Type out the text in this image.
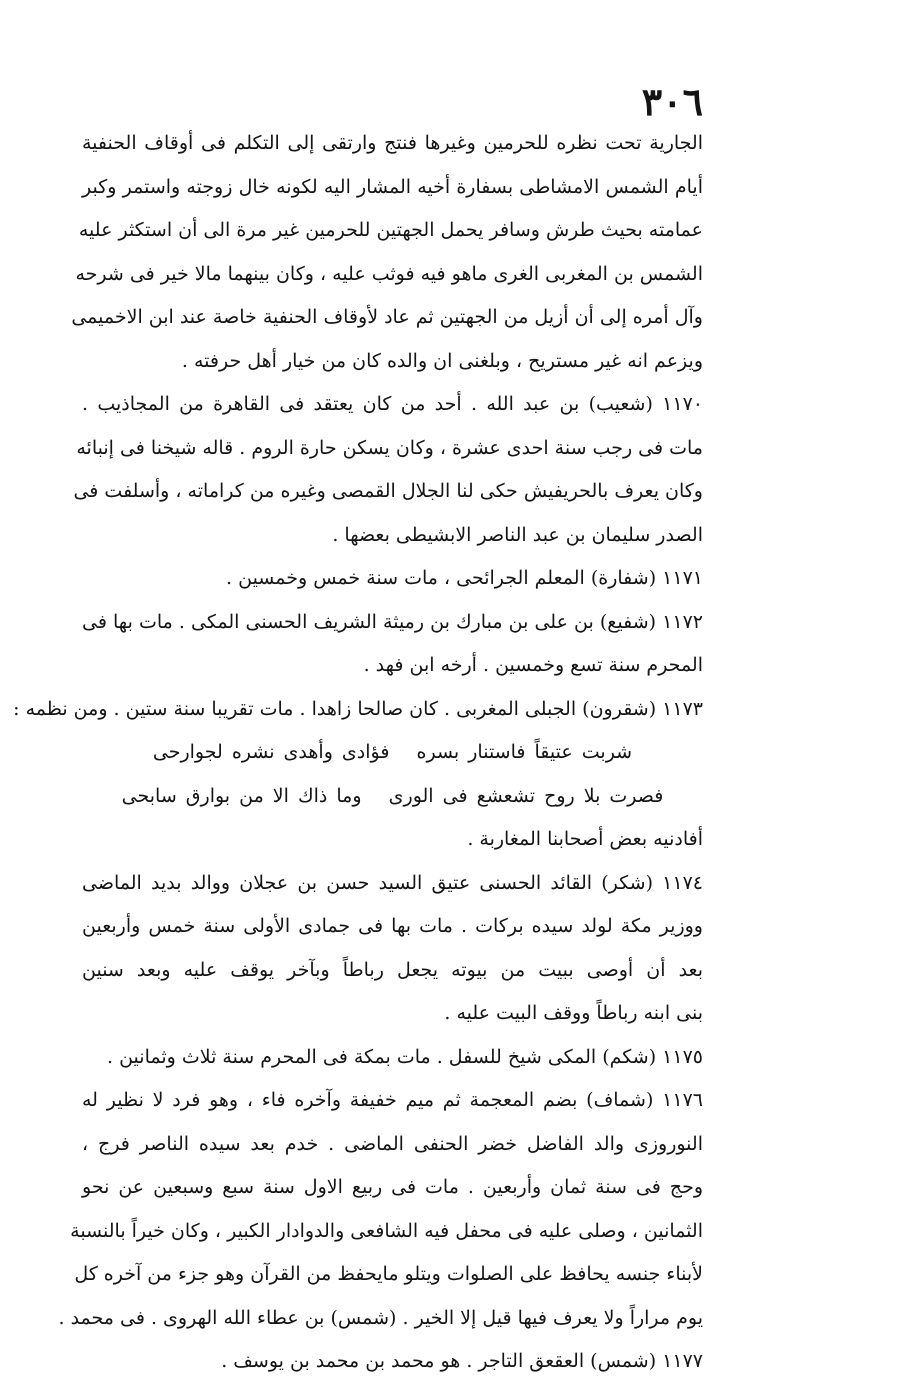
٣٠٦
الجارية تحت نظره للحرمين وغيرها فنتج وارتقى إلى التكلم فى أوقاف الحنفية
أيام الشمس الامشاطى بسفارة أخيه المشار اليه لكونه خال زوجته واستمر وكبر
عمامته بحيث طرش وسافر يحمل الجهتين للحرمين غير مرة الى أن استكثر عليه
الشمس بن المغربى الغرى ماهو فيه فوثب عليه ، وكان بينهما مالا خير فى شرحه
وآل أمره إلى أن أزيل من الجهتين ثم عاد لأوقاف الحنفية خاصة عند ابن الاخميمى
ويزعم انه غير مستريح ، وبلغنى ان والده كان من خيار أهل حرفته .
١١٧٠ (شعيب) بن عبد الله . أحد من كان يعتقد فى القاهرة من المجاذيب .
مات فى رجب سنة احدى عشرة ، وكان يسكن حارة الروم . قاله شيخنا فى إنبائه
وكان يعرف بالحريفيش حكى لنا الجلال القمصى وغيره من كراماته ، وأسلفت فى
الصدر سليمان بن عبد الناصر الابشيطى بعضها .
١١٧١ (شفارة) المعلم الجرائحى ، مات سنة خمس وخمسين .
١١٧٢ (شفيع) بن على بن مبارك بن رميثة الشريف الحسنى المكى . مات بها فى
المحرم سنة تسع وخمسين . أرخه ابن فهد .
١١٧٣ (شقرون) الجبلى المغربى . كان صالحا زاهدا . مات تقريبا سنة ستين . ومن نظمه :
شربت عتيقاً فاستنار بسره ‏ ‏ فؤادى وأهدى نشره لجوارحى
فصرت بلا روح تشعشع فى الورى ‏ ‏ وما ذاك الا من بوارق سابحى
أفادنيه بعض أصحابنا المغاربة .
١١٧٤ (شكر) القائد الحسنى عتيق السيد حسن بن عجلان ووالد بديد الماضى
ووزير مكة لولد سيده بركات . مات بها فى جمادى الأولى سنة خمس وأربعين
بعد أن أوصى ببيت من بيوته يجعل رباطاً وبآخر يوقف عليه وبعد سنين
بنى ابنه رباطاً ووقف البيت عليه .
١١٧٥ (شكم) المكى شيخ للسفل . مات بمكة فى المحرم سنة ثلاث وثمانين .
١١٧٦ (شماف) بضم المعجمة ثم ميم خفيفة وآخره فاء ، وهو فرد لا نظير له
النوروزى والد الفاضل خضر الحنفى الماضى . خدم بعد سيده الناصر فرج ،
وحج فى سنة ثمان وأربعين . مات فى ربيع الاول سنة سبع وسبعين عن نحو
الثمانين ، وصلى عليه فى محفل فيه الشافعى والدوادار الكبير ، وكان خيراً بالنسبة
لأبناء جنسه يحافظ على الصلوات ويتلو مايحفظ من القرآن وهو جزء من آخره كل
يوم مراراً ولا يعرف فيها قيل إلا الخير . (شمس) بن عطاء الله الهروى . فى محمد .
١١٧٧ (شمس) العقعق التاجر . هو محمد بن محمد بن يوسف .
